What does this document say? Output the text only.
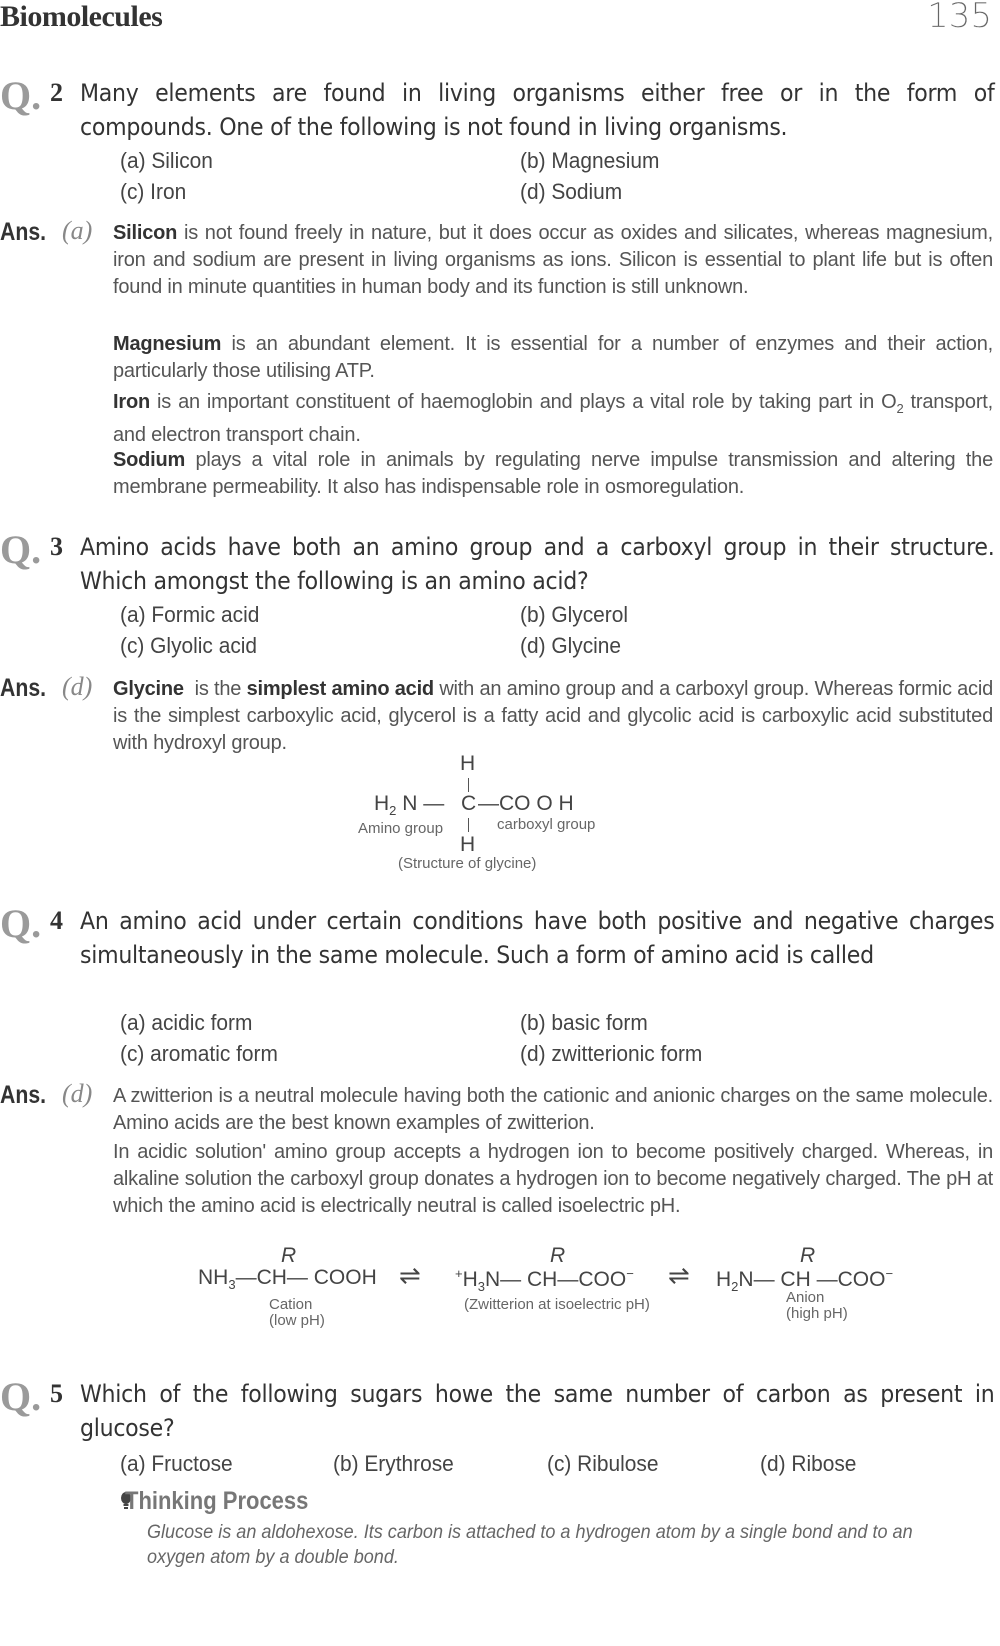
Biomolecules	135
Q. 2 Many elements are found in living organisms either free or in the form of compounds. One of the following is not found in living organisms.
(a) Silicon	(b) Magnesium
(c) Iron	(d) Sodium
Ans. (a) Silicon is not found freely in nature, but it does occur as oxides and silicates, whereas magnesium, iron and sodium are present in living organisms as ions. Silicon is essential to plant life but is often found in minute quantities in human body and its function is still unknown.
Magnesium is an abundant element. It is essential for a number of enzymes and their action, particularly those utilising ATP.
Iron is an important constituent of haemoglobin and plays a vital role by taking part in $O_2$ transport, and electron transport chain.
Sodium plays a vital role in animals by regulating nerve impulse transmission and altering the membrane permeability. It also has indispensable role in osmoregulation.
Q. 3 Amino acids have both an amino group and a carboxyl group in their structure. Which amongst the following is an amino acid?
(a) Formic acid	(b) Glycerol
(c) Glyolic acid	(d) Glycine
Ans. (d) Glycine  is the simplest amino acid with an amino group and a carboxyl group. Whereas formic acid is the simplest carboxylic acid, glycerol is a fatty acid and glycolic acid is carboxylic acid substituted with hydroxyl group.
H
$H_2$ N — C —CO O H
Amino group	carboxyl group
H
(Structure of glycine)
Q. 4 An amino acid under certain conditions have both positive and negative charges simultaneously in the same molecule. Such a form of amino acid is called
(a) acidic form	(b) basic form
(c) aromatic form	(d) zwitterionic form
Ans. (d) A zwitterion is a neutral molecule having both the cationic and anionic charges on the same molecule. Amino acids are the best known examples of zwitterion.
In acidic solution' amino group accepts a hydrogen ion to become positively charged. Whereas, in alkaline solution the carboxyl group donates a hydrogen ion to become negatively charged. The pH at which the amino acid is electrically neutral is called isoelectric pH.
R
$NH_3—CH—$ COOH ⇌
Cation
(low pH)
R
$^+H_3N—$ CH—COO− ⇌
(Zwitterion at isoelectric pH)
R
$H_2N—$ CH —COO−
Anion
(high pH)
Q. 5 Which of the following sugars howe the same number of carbon as present in glucose?
(a) Fructose	(b) Erythrose	(c) Ribulose	(d) Ribose
Thinking Process
Glucose is an aldohexose. Its carbon is attached to a hydrogen atom by a single bond and to an oxygen atom by a double bond.
